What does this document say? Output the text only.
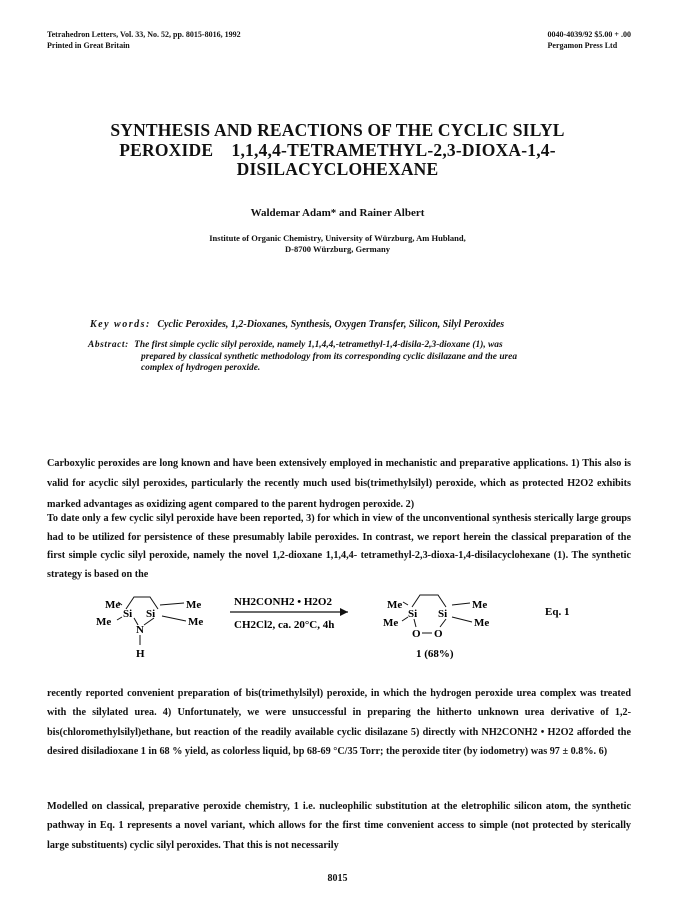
Tetrahedron Letters, Vol. 33, No. 52, pp. 8015-8016, 1992
Printed in Great Britain
0040-4039/92 $5.00 + .00
Pergamon Press Ltd
SYNTHESIS AND REACTIONS OF THE CYCLIC SILYL
PEROXIDE    1,1,4,4-TETRAMETHYL-2,3-DIOXA-1,4-
DISILACYCLOHEXANE
Waldemar Adam* and Rainer Albert
Institute of Organic Chemistry, University of Würzburg, Am Hubland,
D-8700 Würzburg, Germany
Key words: Cyclic Peroxides, 1,2-Dioxanes, Synthesis, Oxygen Transfer, Silicon, Silyl Peroxides
Abstract: The first simple cyclic silyl peroxide, namely 1,1,4,4,-tetramethyl-1,4-disila-2,3-dioxane (1), was
prepared by classical synthetic methodology from its corresponding cyclic disilazane and the urea
complex of hydrogen peroxide.
Carboxylic peroxides are long known and have been extensively employed in mechanistic and preparative applications. 1) This also is valid for acyclic silyl peroxides, particularly the recently much used bis(trimethylsilyl) peroxide, which as protected H2O2 exhibits marked advantages as oxidizing agent compared to the parent hydrogen peroxide. 2)
To date only a few cyclic silyl peroxide have been reported, 3) for which in view of the unconventional synthesis sterically large groups had to be utilized for persistence of these presumably labile peroxides. In contrast, we report herein the classical preparation of the first simple cyclic silyl peroxide, namely the novel 1,2-dioxane 1,1,4,4- tetramethyl-2,3-dioxa-1,4-disilacyclohexane (1). The synthetic strategy is based on the
Me
Me
Si Si
Me
Me
N
H
NH2CONH2 • H2O2
CH2Cl2, ca. 20°C, 4h
Me
Me
Si Si
Me
Me
O O
1 (68%)
Eq. 1
recently reported convenient preparation of bis(trimethylsilyl) peroxide, in which the hydrogen peroxide urea complex was treated with the silylated urea. 4) Unfortunately, we were unsuccessful in preparing the hitherto unknown urea derivative of 1,2-bis(chloromethylsilyl)ethane, but reaction of the readily available cyclic disilazane 5) directly with NH2CONH2 • H2O2 afforded the desired disiladioxane 1 in 68 % yield, as colorless liquid, bp 68-69 °C/35 Torr; the peroxide titer (by iodometry) was 97 ± 0.8%. 6)
Modelled on classical, preparative peroxide chemistry, 1 i.e. nucleophilic substitution at the eletrophilic silicon atom, the synthetic pathway in Eq. 1 represents a novel variant, which allows for the first time convenient access to simple (not protected by sterically large substituents) cyclic silyl peroxides. That this is not necessarily
8015
